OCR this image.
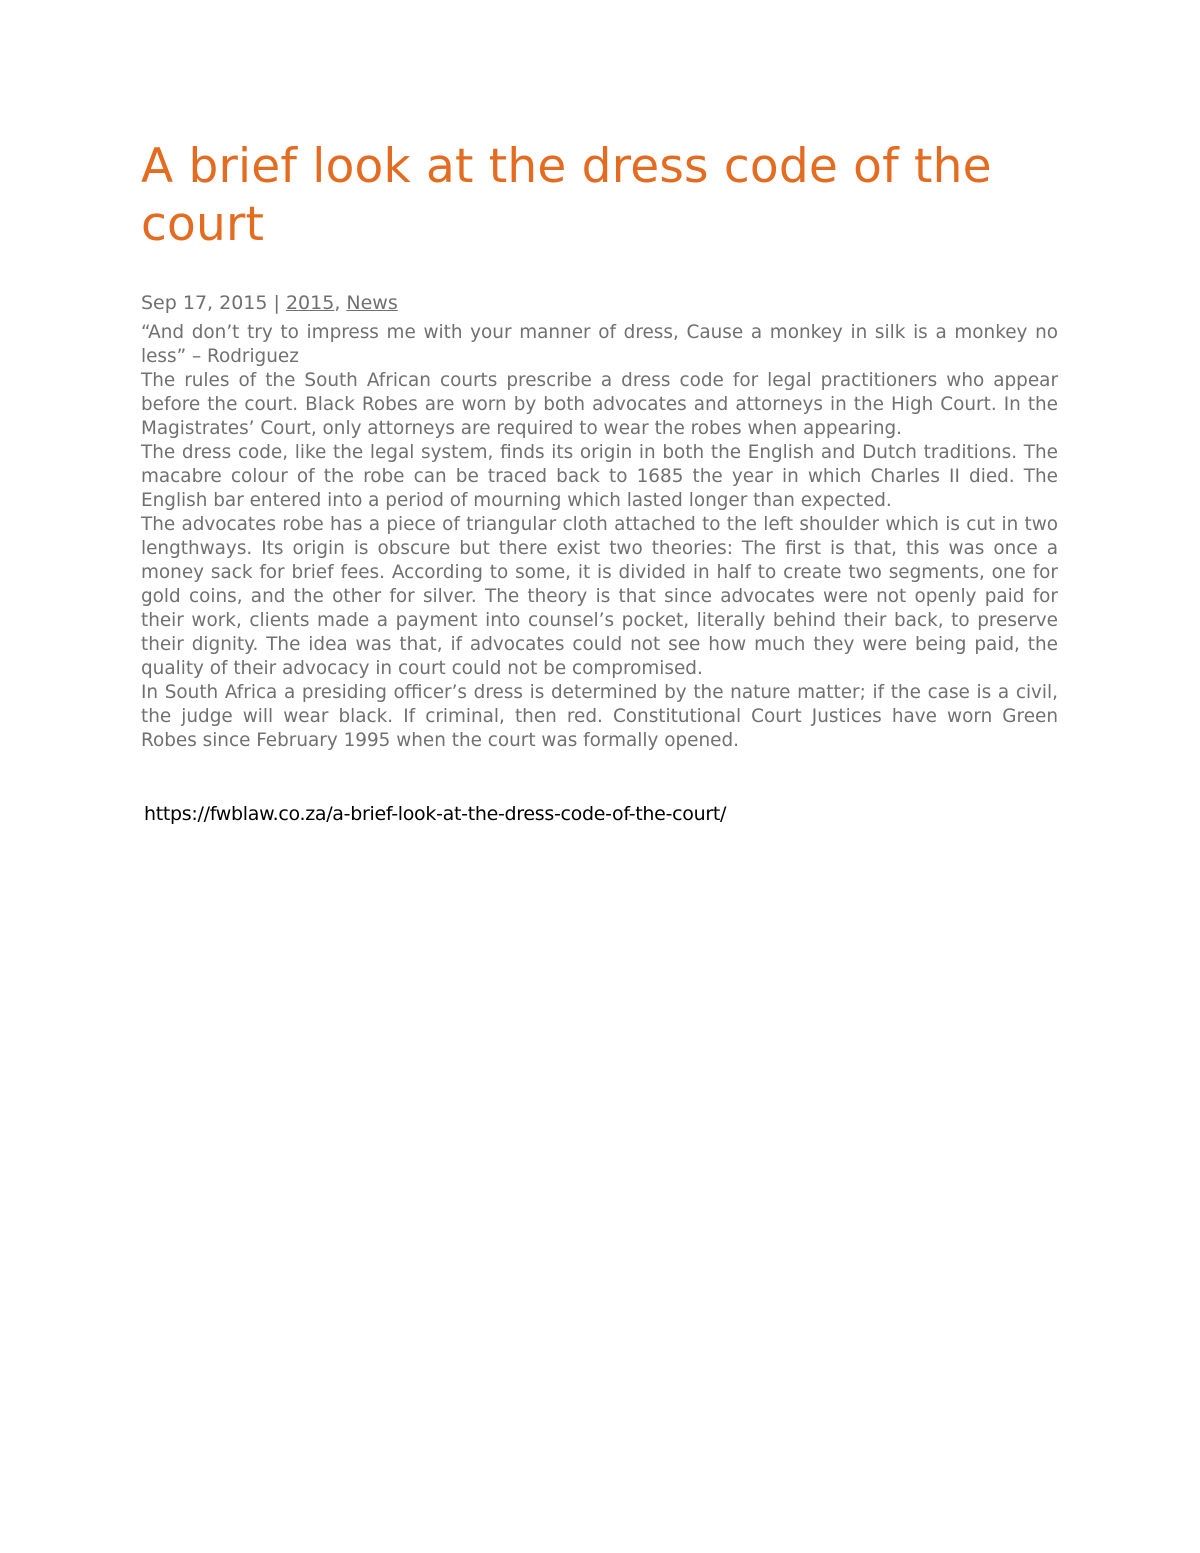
A brief look at the dress code of the court
Sep 17, 2015 | 2015, News

“And don’t try to impress me with your manner of dress, Cause a monkey in silk is a monkey no less” – Rodriguez

The rules of the South African courts prescribe a dress code for legal practitioners who appear before the court. Black Robes are worn by both advocates and attorneys in the High Court. In the Magistrates’ Court, only attorneys are required to wear the robes when appearing.

The dress code, like the legal system, finds its origin in both the English and Dutch traditions. The macabre colour of the robe can be traced back to 1685 the year in which Charles II died. The English bar entered into a period of mourning which lasted longer than expected.

The advocates robe has a piece of triangular cloth attached to the left shoulder which is cut in two lengthways. Its origin is obscure but there exist two theories: The first is that, this was once a money sack for brief fees. According to some, it is divided in half to create two segments, one for gold coins, and the other for silver. The theory is that since advocates were not openly paid for their work, clients made a payment into counsel’s pocket, literally behind their back, to preserve their dignity. The idea was that, if advocates could not see how much they were being paid, the quality of their advocacy in court could not be compromised.

In South Africa a presiding officer’s dress is determined by the nature matter; if the case is a civil, the judge will wear black. If criminal, then red. Constitutional Court Justices have worn Green Robes since February 1995 when the court was formally opened.

https://fwblaw.co.za/a-brief-look-at-the-dress-code-of-the-court/
